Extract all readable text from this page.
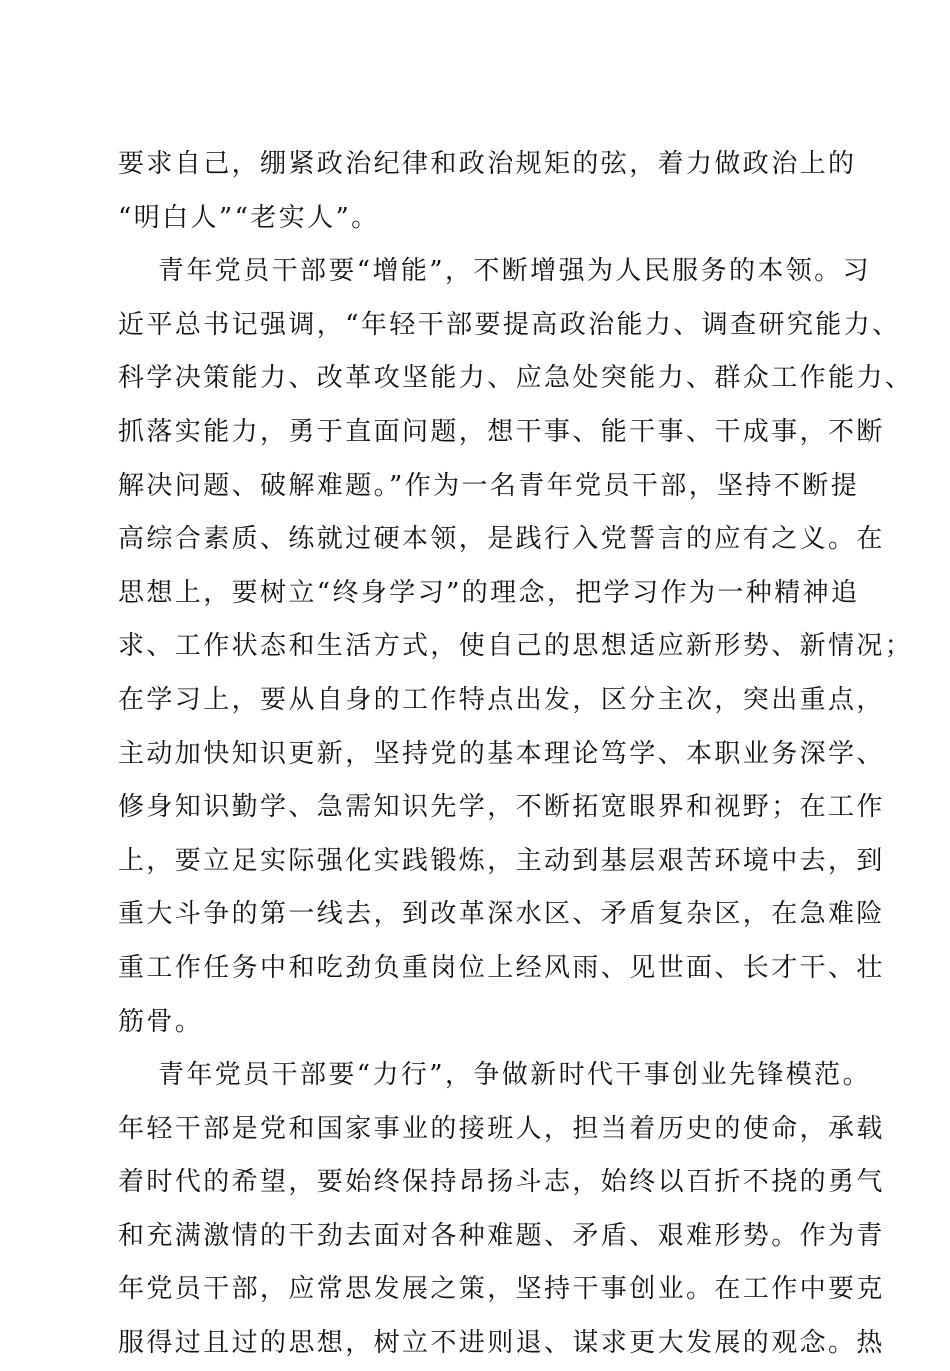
要求自己，绷紧政治纪律和政治规矩的弦，着力做政治上的
“明白人”“老实人”。
青年党员干部要“增能”，不断增强为人民服务的本领。习
近平总书记强调，“年轻干部要提高政治能力、调查研究能力、
科学决策能力、改革攻坚能力、应急处突能力、群众工作能力、
抓落实能力，勇于直面问题，想干事、能干事、干成事，不断
解决问题、破解难题。”作为一名青年党员干部，坚持不断提
高综合素质、练就过硬本领，是践行入党誓言的应有之义。在
思想上，要树立“终身学习”的理念，把学习作为一种精神追
求、工作状态和生活方式，使自己的思想适应新形势、新情况；
在学习上，要从自身的工作特点出发，区分主次，突出重点，
主动加快知识更新，坚持党的基本理论笃学、本职业务深学、
修身知识勤学、急需知识先学，不断拓宽眼界和视野；在工作
上，要立足实际强化实践锻炼，主动到基层艰苦环境中去，到
重大斗争的第一线去，到改革深水区、矛盾复杂区，在急难险
重工作任务中和吃劲负重岗位上经风雨、见世面、长才干、壮
筋骨。
青年党员干部要“力行”，争做新时代干事创业先锋模范。
年轻干部是党和国家事业的接班人，担当着历史的使命，承载
着时代的希望，要始终保持昂扬斗志，始终以百折不挠的勇气
和充满激情的干劲去面对各种难题、矛盾、艰难形势。作为青
年党员干部，应常思发展之策，坚持干事创业。在工作中要克
服得过且过的思想，树立不进则退、谋求更大发展的观念。热
